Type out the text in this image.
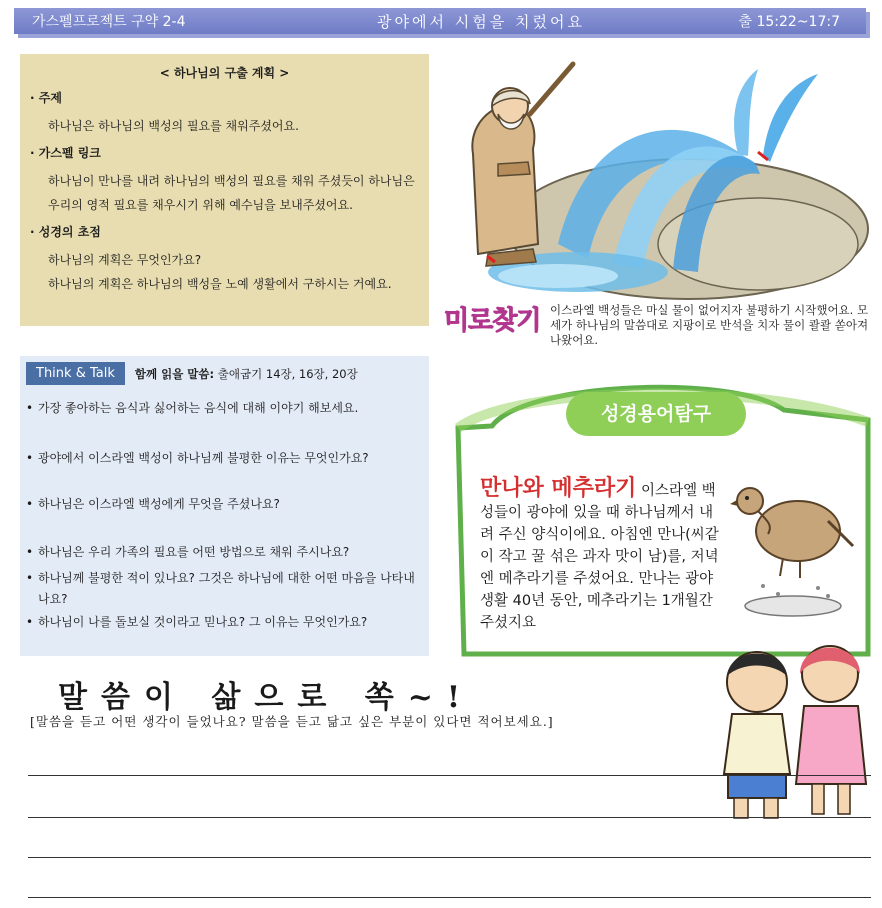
가스펠프로젝트 구약 2-4	광야에서 시험을 치렀어요	출 15:22~17:7
< 하나님의 구출 계획 >
· 주제
하나님은 하나님의 백성의 필요를 채워주셨어요.
· 가스펠 링크
하나님이 만나를 내려 하나님의 백성의 필요를 채워 주셨듯이 하나님은 우리의 영적 필요를 채우시기 위해 예수님을 보내주셨어요.
· 성경의 초점
하나님의 계획은 무엇인가요?
하나님의 계획은 하나님의 백성을 노예 생활에서 구하시는 거예요.
Think & Talk	함께 읽을 말씀: 출애굽기 14장, 16장, 20장
• 가장 좋아하는 음식과 싫어하는 음식에 대해 이야기 해보세요.
• 광야에서 이스라엘 백성이 하나님께 불평한 이유는 무엇인가요?
• 하나님은 이스라엘 백성에게 무엇을 주셨나요?
• 하나님은 우리 가족의 필요를 어떤 방법으로 채워 주시나요?
• 하나님께 불평한 적이 있나요? 그것은 하나님에 대한 어떤 마음을 나타내나요?
• 하나님이 나를 돌보실 것이라고 믿나요? 그 이유는 무엇인가요?
미로찾기 이스라엘 백성들은 마실 물이 없어지자 불평하기 시작했어요. 모세가 하나님의 말씀대로 지팡이로 반석을 치자 물이 콸콸 쏟아져 나왔어요.
성경용어탐구
만나와 메추라기 이스라엘 백성들이 광야에 있을 때 하나님께서 내려 주신 양식이에요. 아침엔 만나(씨같이 작고 꿀 섞은 과자 맛이 남)를, 저녁엔 메추라기를 주셨어요. 만나는 광야생활 40년 동안, 메추라기는 1개월간 주셨지요
말씀이 삶으로 쏙~!
[말씀을 듣고 어떤 생각이 들었나요? 말씀을 듣고 닮고 싶은 부분이 있다면 적어보세요.]
